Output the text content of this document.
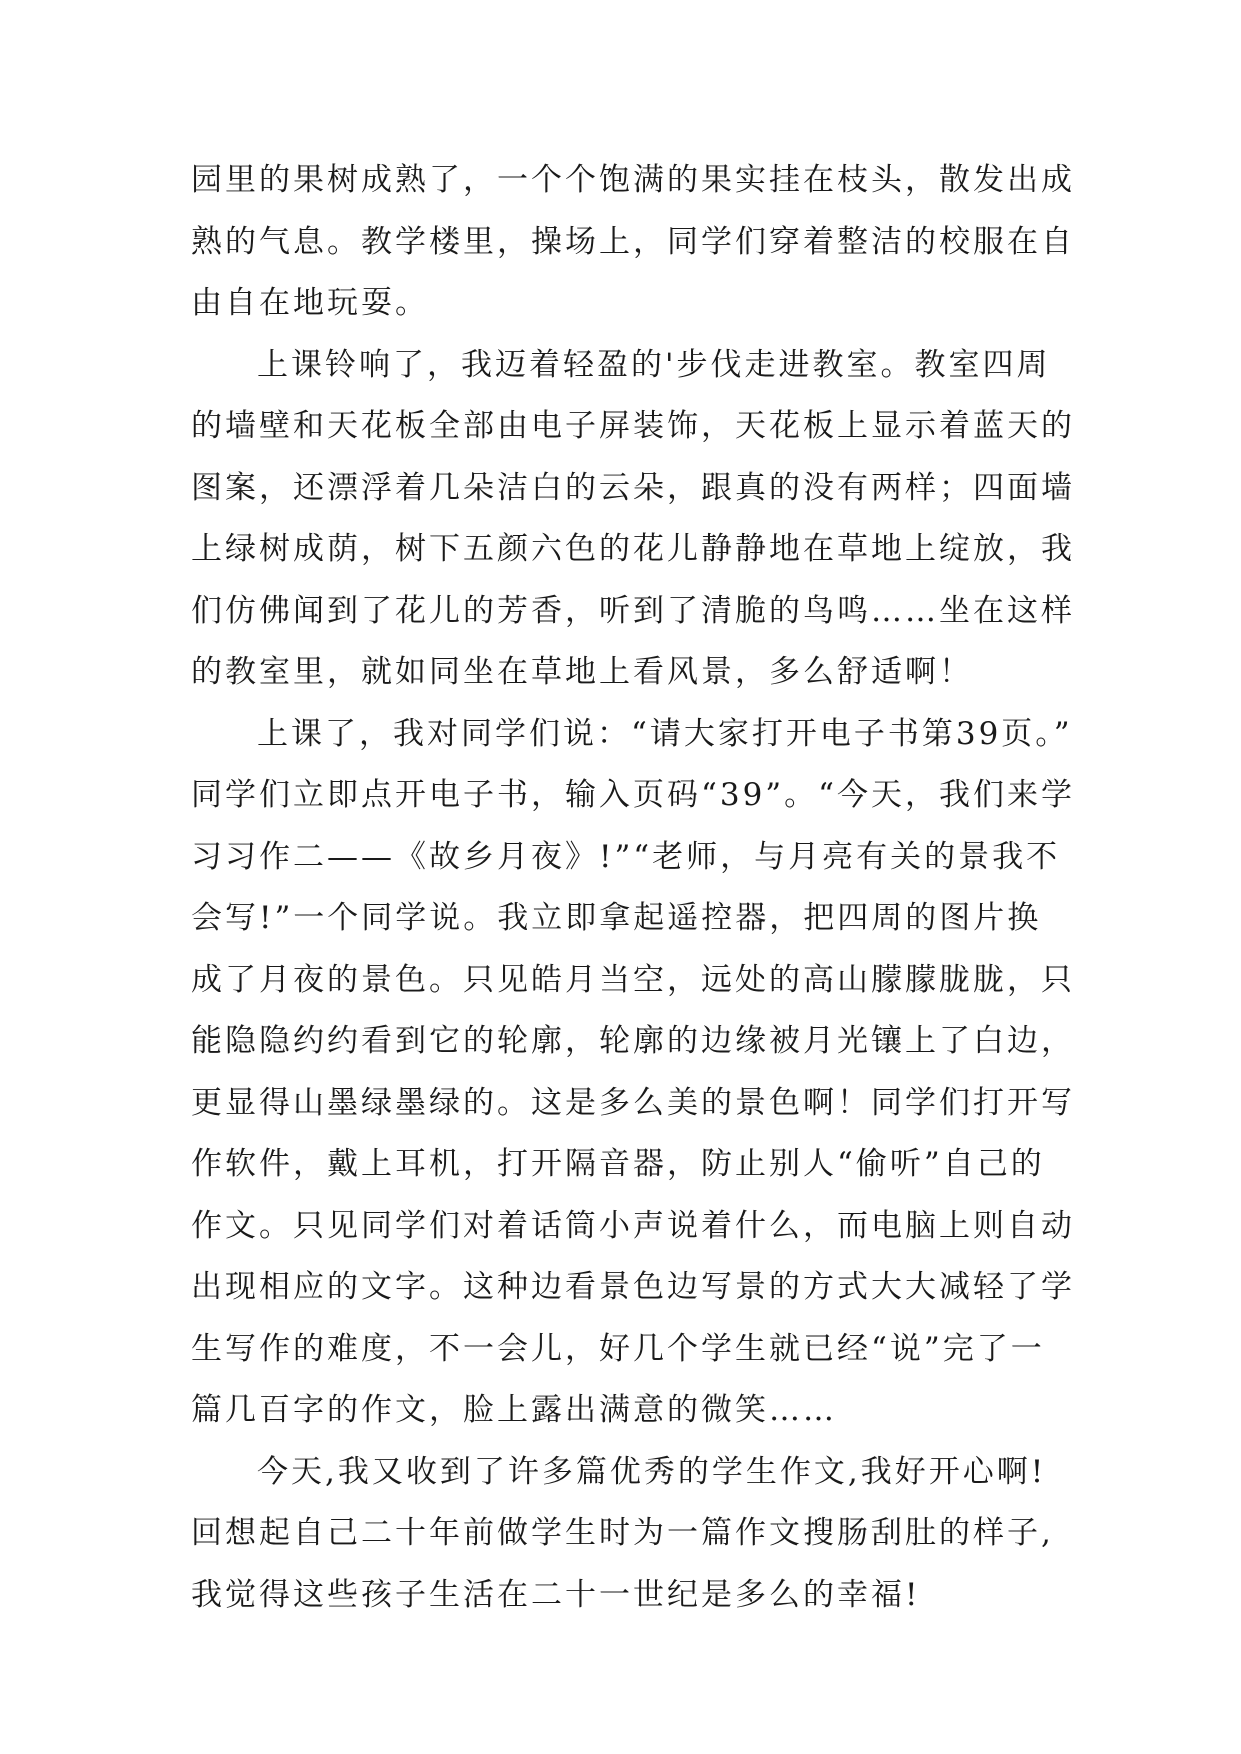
园里的果树成熟了，一个个饱满的果实挂在枝头，散发出成
熟的气息。教学楼里，操场上，同学们穿着整洁的校服在自
由自在地玩耍。

上课铃响了，我迈着轻盈的'步伐走进教室。教室四周
的墙壁和天花板全部由电子屏装饰，天花板上显示着蓝天的
图案，还漂浮着几朵洁白的云朵，跟真的没有两样；四面墙
上绿树成荫，树下五颜六色的花儿静静地在草地上绽放，我
们仿佛闻到了花儿的芳香，听到了清脆的鸟鸣……坐在这样
的教室里，就如同坐在草地上看风景，多么舒适啊！

上课了，我对同学们说：“请大家打开电子书第39页。”
同学们立即点开电子书，输入页码“39”。“今天，我们来学
习习作二——《故乡月夜》!”“老师，与月亮有关的景我不
会写!”一个同学说。我立即拿起遥控器，把四周的图片换
成了月夜的景色。只见皓月当空，远处的高山朦朦胧胧，只
能隐隐约约看到它的轮廓，轮廓的边缘被月光镶上了白边，
更显得山墨绿墨绿的。这是多么美的景色啊！同学们打开写
作软件，戴上耳机，打开隔音器，防止别人“偷听”自己的
作文。只见同学们对着话筒小声说着什么，而电脑上则自动
出现相应的文字。这种边看景色边写景的方式大大减轻了学
生写作的难度，不一会儿，好几个学生就已经“说”完了一
篇几百字的作文，脸上露出满意的微笑……

今天,我又收到了许多篇优秀的学生作文,我好开心啊!
回想起自己二十年前做学生时为一篇作文搜肠刮肚的样子,
我觉得这些孩子生活在二十一世纪是多么的幸福!
